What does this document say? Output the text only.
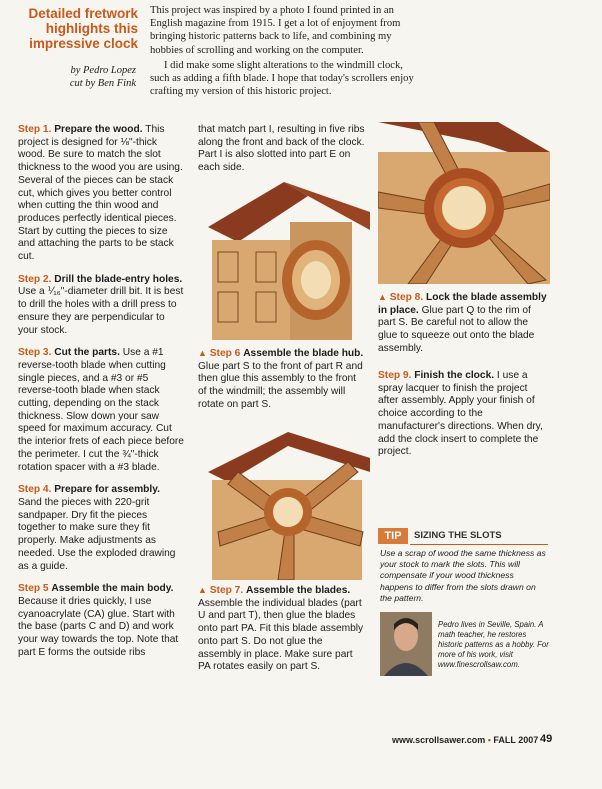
Detailed fretwork
highlights this
impressive clock
by Pedro Lopez
cut by Ben Fink

This project was inspired by a photo I found printed in an English magazine from 1915. I get a lot of enjoyment from bringing historic patterns back to life, and combining my hobbies of scrolling and working on the computer.

I did make some slight alterations to the windmill clock, such as adding a fifth blade. I hope that today's scrollers enjoy crafting my version of this historic project.

Step 1. Prepare the wood. This project is designed for ⅛"-thick wood. Be sure to match the slot thickness to the wood you are using. Several of the pieces can be stack cut, which gives you better control when cutting the thin wood and produces perfectly identical pieces. Start by cutting the pieces to size and attaching the parts to be stack cut.

Step 2. Drill the blade-entry holes. Use a ⅟₁₆"-diameter drill bit. It is best to drill the holes with a drill press to ensure they are perpendicular to your stock.

Step 3. Cut the parts. Use a #1 reverse-tooth blade when cutting single pieces, and a #3 or #5 reverse-tooth blade when stack cutting, depending on the stack thickness. Slow down your saw speed for maximum accuracy. Cut the interior frets of each piece before the perimeter. I cut the ¾"-thick rotation spacer with a #3 blade.

Step 4. Prepare for assembly. Sand the pieces with 220-grit sandpaper. Dry fit the pieces together to make sure they fit properly. Make adjustments as needed. Use the exploded drawing as a guide.

Step 5 Assemble the main body. Because it dries quickly, I use cyanoacrylate (CA) glue. Start with the base (parts C and D) and work your way towards the top. Note that part E forms the outside ribs

that match part I, resulting in five ribs along the front and back of the clock. Part I is also slotted into part E on each side.
▲ Step 6 Assemble the blade hub. Glue part S to the front of part R and then glue this assembly to the front of the windmill; the assembly will rotate on part S.
▲ Step 7. Assemble the blades. Assemble the individual blades (part U and part T), then glue the blades onto part PA. Fit this blade assembly onto part S. Do not glue the assembly in place. Make sure part PA rotates easily on part S.
▲ Step 8. Lock the blade assembly in place. Glue part Q to the rim of part S. Be careful not to allow the glue to squeeze out onto the blade assembly.
Step 9. Finish the clock. I use a spray lacquer to finish the project after assembly. Apply your finish of choice according to the manufacturer's directions. When dry, add the clock insert to complete the project.
TIP	SIZING THE SLOTS
Use a scrap of wood the same thickness as your stock to mark the slots. This will compensate if your wood thickness happens to differ from the slots drawn on the pattern.
Pedro lives in Seville, Spain. A math teacher, he restores historic patterns as a hobby. For more of his work, visit www.finescrollsaw.com.
www.scrollsawer.com • FALL 2007 49
